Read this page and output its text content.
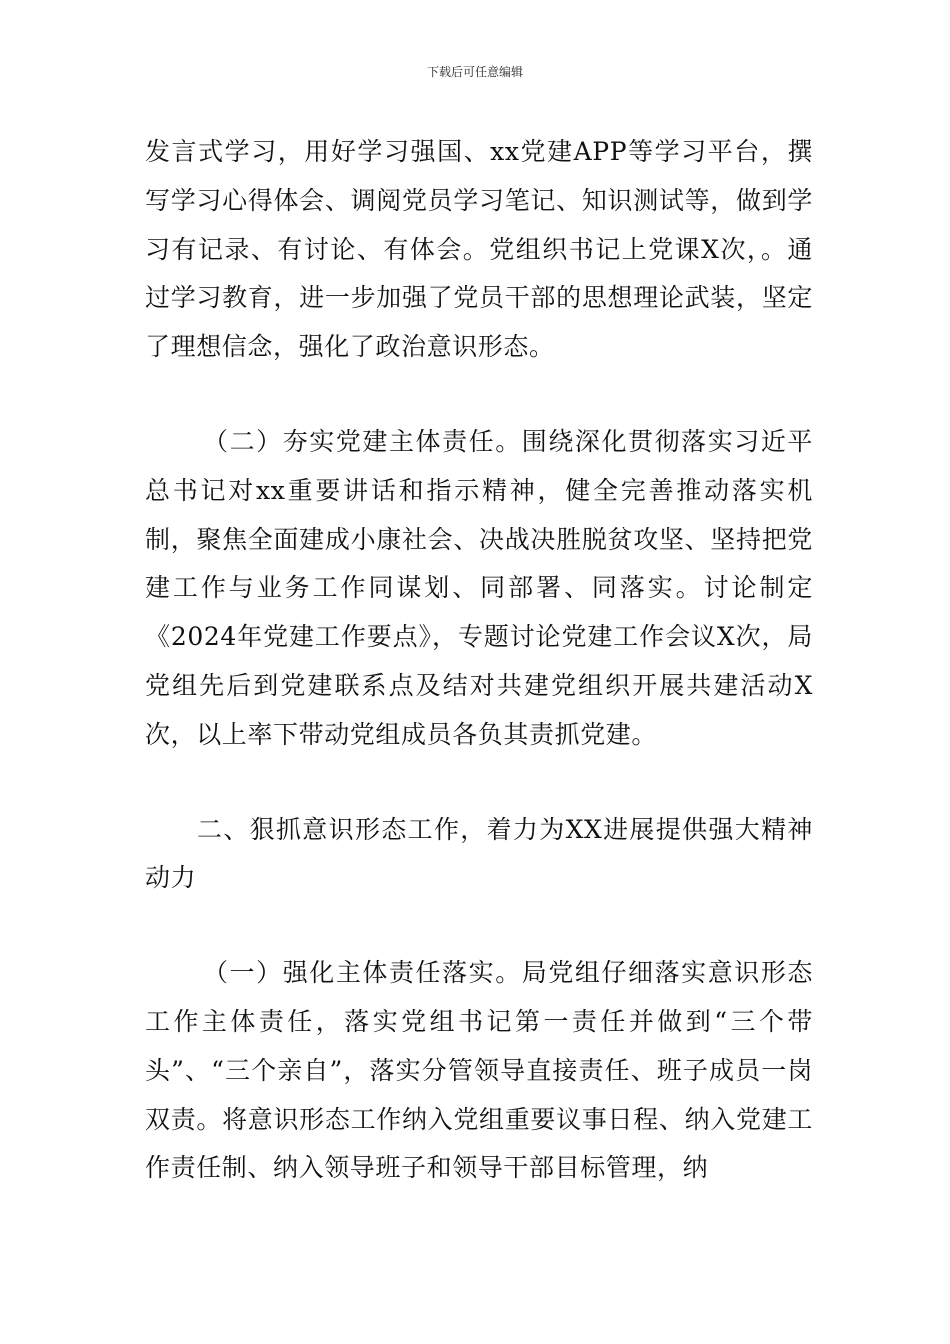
下载后可任意编辑

发言式学习，用好学习强国、xx党建APP等学习平台，撰写学习心得体会、调阅党员学习笔记、知识测试等，做到学习有记录、有讨论、有体会。党组织书记上党课X次，。通过学习教育，进一步加强了党员干部的思想理论武装，坚定了理想信念，强化了政治意识形态。

（二）夯实党建主体责任。围绕深化贯彻落实习近平总书记对xx重要讲话和指示精神，健全完善推动落实机制，聚焦全面建成小康社会、决战决胜脱贫攻坚、坚持把党建工作与业务工作同谋划、同部署、同落实。讨论制定《2024年党建工作要点》，专题讨论党建工作会议X次，局党组先后到党建联系点及结对共建党组织开展共建活动X次，以上率下带动党组成员各负其责抓党建。

二、狠抓意识形态工作，着力为XX进展提供强大精神动力

（一）强化主体责任落实。局党组仔细落实意识形态工作主体责任，落实党组书记第一责任并做到“三个带头”、“三个亲自”，落实分管领导直接责任、班子成员一岗双责。将意识形态工作纳入党组重要议事日程、纳入党建工作责任制、纳入领导班子和领导干部目标管理，纳
